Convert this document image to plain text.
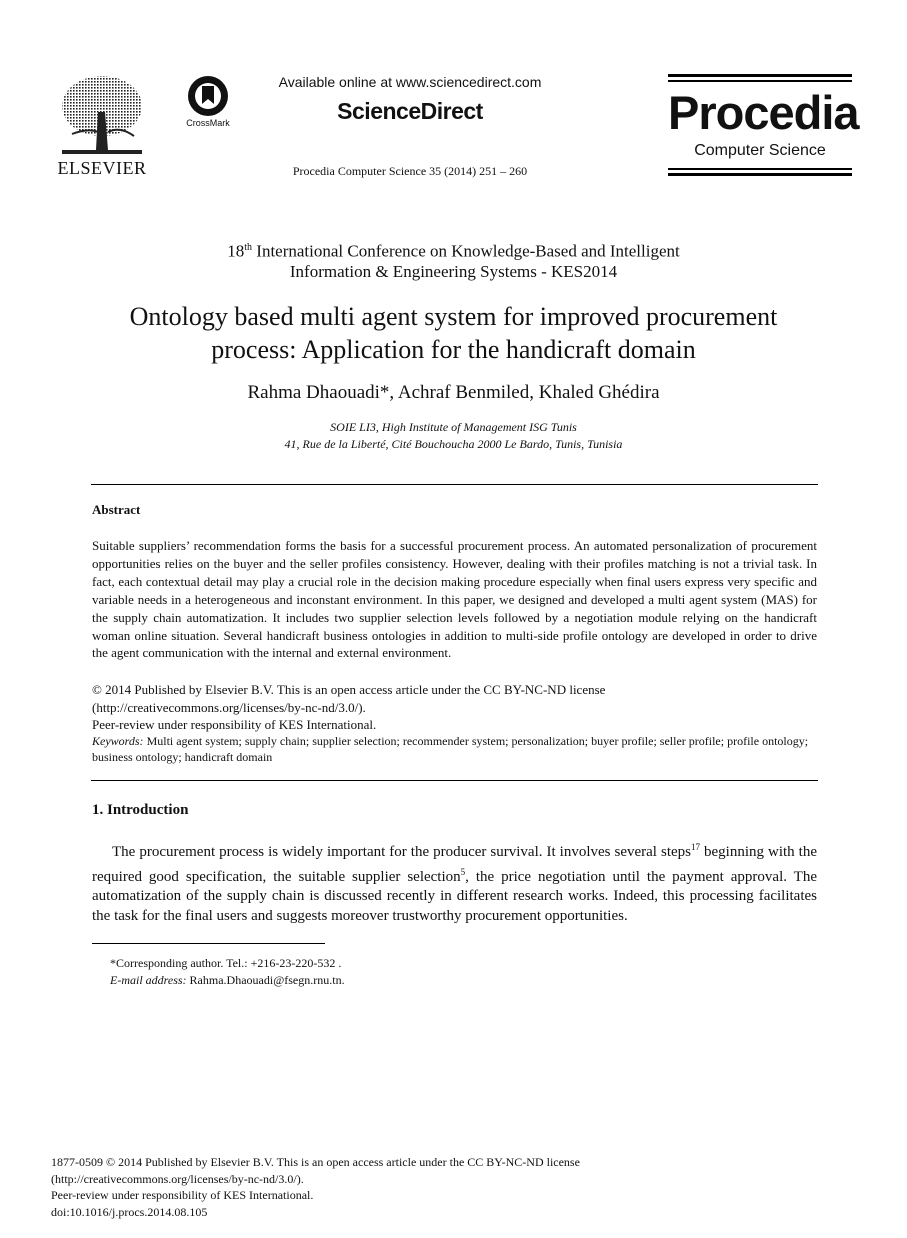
ELSEVIER
CrossMark
Available online at www.sciencedirect.com
ScienceDirect
Procedia Computer Science 35 (2014) 251 – 260
Procedia
Computer Science
18th International Conference on Knowledge-Based and Intelligent
Information & Engineering Systems - KES2014
Ontology based multi agent system for improved procurement
process: Application for the handicraft domain
Rahma Dhaouadi*, Achraf Benmiled, Khaled Ghédira
SOIE LI3, High Institute of Management ISG Tunis
41, Rue de la Liberté, Cité Bouchoucha 2000 Le Bardo, Tunis, Tunisia
Abstract
Suitable suppliers’ recommendation forms the basis for a successful procurement process. An automated personalization of procurement opportunities relies on the buyer and the seller profiles consistency. However, dealing with their profiles matching is not a trivial task. In fact, each contextual detail may play a crucial role in the decision making procedure especially when final users express very specific and variable needs in a heterogeneous and inconstant environment. In this paper, we designed and developed a multi agent system (MAS) for the supply chain automatization. It includes two supplier selection levels followed by a negotiation module relying on the handicraft woman online situation. Several handicraft business ontologies in addition to multi-side profile ontology are developed in order to drive the agent communication with the internal and external environment.
© 2014 Published by Elsevier B.V. This is an open access article under the CC BY-NC-ND license
(http://creativecommons.org/licenses/by-nc-nd/3.0/).
Peer-review under responsibility of KES International.
Keywords: Multi agent system; supply chain; supplier selection; recommender system; personalization; buyer profile; seller profile; profile ontology; business ontology; handicraft domain
1. Introduction
The procurement process is widely important for the producer survival. It involves several steps$^{17}$ beginning with the required good specification, the suitable supplier selection$^5$, the price negotiation until the payment approval. The automatization of the supply chain is discussed recently in different research works. Indeed, this processing facilitates the task for the final users and suggests moreover trustworthy procurement opportunities.
*Corresponding author. Tel.: +216-23-220-532 .
E-mail address: Rahma.Dhaouadi@fsegn.rnu.tn.
1877-0509 © 2014 Published by Elsevier B.V. This is an open access article under the CC BY-NC-ND license
(http://creativecommons.org/licenses/by-nc-nd/3.0/).
Peer-review under responsibility of KES International.
doi:10.1016/j.procs.2014.08.105
